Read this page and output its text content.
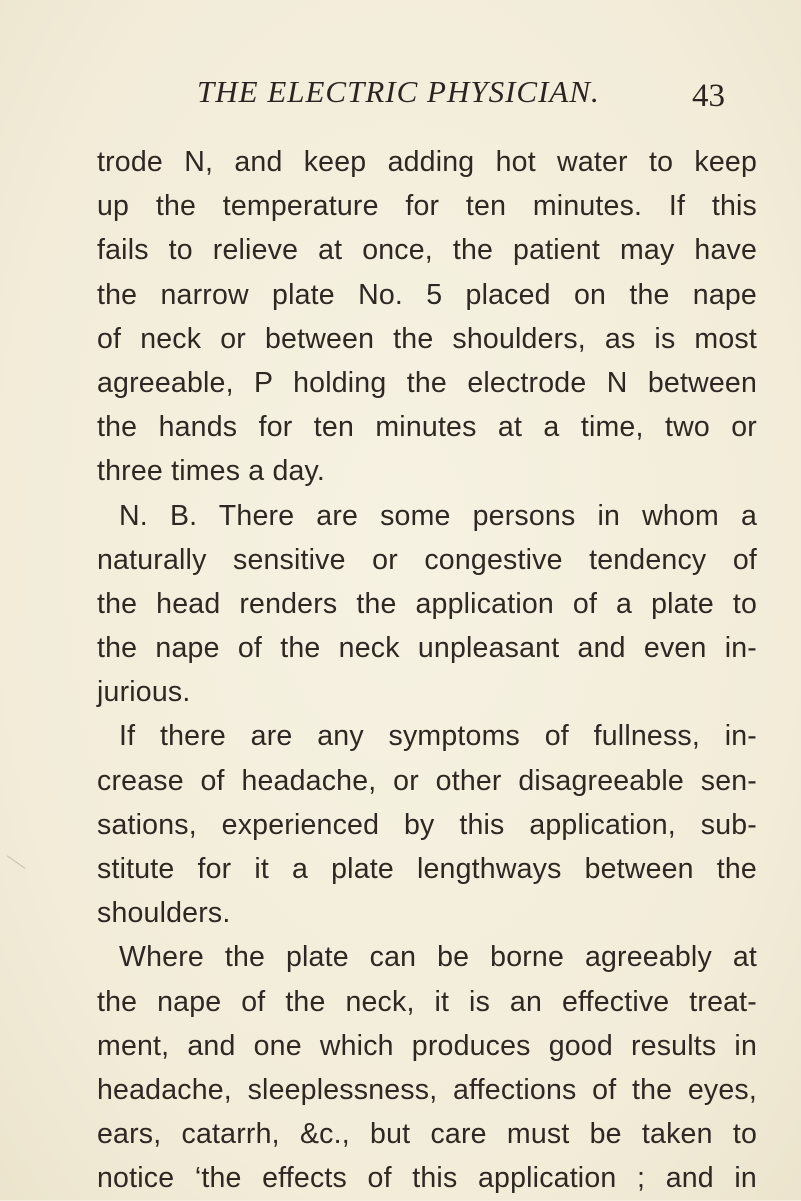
THE ELECTRIC PHYSICIAN.	43
trode N, and keep adding hot water to keep
up the temperature for ten minutes. If this
fails to relieve at once, the patient may have
the narrow plate No. 5 placed on the nape
of neck or between the shoulders, as is most
agreeable, P holding the electrode N between
the hands for ten minutes at a time, two or
three times a day.
N. B. There are some persons in whom a
naturally sensitive or congestive tendency of
the head renders the application of a plate to
the nape of the neck unpleasant and even in-
jurious.
If there are any symptoms of fullness, in-
crease of headache, or other disagreeable sen-
sations, experienced by this application, sub-
stitute for it a plate lengthways between the
shoulders.
Where the plate can be borne agreeably at
the nape of the neck, it is an effective treat-
ment, and one which produces good results in
headache, sleeplessness, affections of the eyes,
ears, catarrh, &c., but care must be taken to
notice ‘the effects of this application ; and in
